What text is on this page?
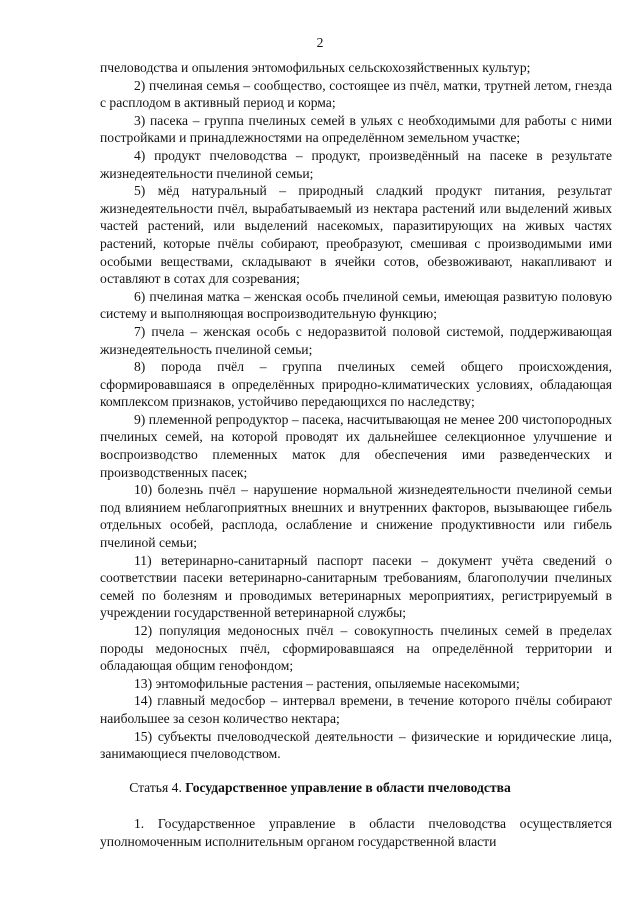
2

пчеловодства и опыления энтомофильных сельскохозяйственных культур;

2) пчелиная семья – сообщество, состоящее из пчёл, матки, трутней летом, гнезда с расплодом в активный период и корма;

3) пасека – группа пчелиных семей в ульях с необходимыми для работы с ними постройками и принадлежностями на определённом земельном участке;

4) продукт пчеловодства – продукт, произведённый на пасеке в результате жизнедеятельности пчелиной семьи;

5) мёд натуральный – природный сладкий продукт питания, результат жизнедеятельности пчёл, вырабатываемый из нектара растений или выделений живых частей растений, или выделений насекомых, паразитирующих на живых частях растений, которые пчёлы собирают, преобразуют, смешивая с производимыми ими особыми веществами, складывают в ячейки сотов, обезвоживают, накапливают и оставляют в сотах для созревания;

6) пчелиная матка – женская особь пчелиной семьи, имеющая развитую половую систему и выполняющая воспроизводительную функцию;

7) пчела – женская особь с недоразвитой половой системой, поддерживающая жизнедеятельность пчелиной семьи;

8) порода пчёл – группа пчелиных семей общего происхождения, сформировавшаяся в определённых природно-климатических условиях, обладающая комплексом признаков, устойчиво передающихся по наследству;

9) племенной репродуктор – пасека, насчитывающая не менее 200 чистопородных пчелиных семей, на которой проводят их дальнейшее селекционное улучшение и воспроизводство племенных маток для обеспечения ими разведенческих и производственных пасек;

10) болезнь пчёл – нарушение нормальной жизнедеятельности пчелиной семьи под влиянием неблагоприятных внешних и внутренних факторов, вызывающее гибель отдельных особей, расплода, ослабление и снижение продуктивности или гибель пчелиной семьи;

11) ветеринарно-санитарный паспорт пасеки – документ учёта сведений о соответствии пасеки ветеринарно-санитарным требованиям, благополучии пчелиных семей по болезням и проводимых ветеринарных мероприятиях, регистрируемый в учреждении государственной ветеринарной службы;

12) популяция медоносных пчёл – совокупность пчелиных семей в пределах породы медоносных пчёл, сформировавшаяся на определённой территории и обладающая общим генофондом;

13) энтомофильные растения – растения, опыляемые насекомыми;

14) главный медосбор – интервал времени, в течение которого пчёлы собирают наибольшее за сезон количество нектара;

15) субъекты пчеловодческой деятельности – физические и юридические лица, занимающиеся пчеловодством.

Статья 4. Государственное управление в области пчеловодства

1. Государственное управление в области пчеловодства осуществляется уполномоченным исполнительным органом государственной власти
